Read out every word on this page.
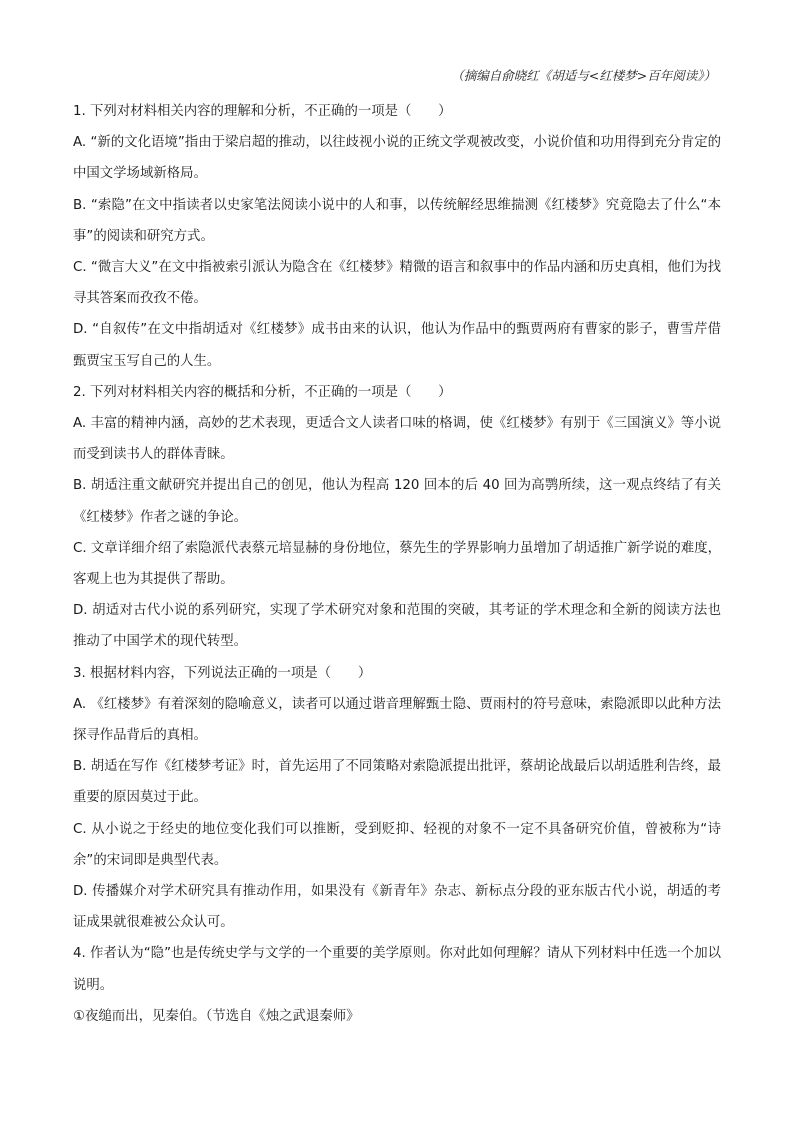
（摘编自俞晓红《胡适与<红楼梦>百年阅读》）

1. 下列对材料相关内容的理解和分析，不正确的一项是（　　）

A. “新的文化语境”指由于梁启超的推动，以往歧视小说的正统文学观被改变，小说价值和功用得到充分肯定的中国文学场域新格局。

B. “索隐”在文中指读者以史家笔法阅读小说中的人和事，以传统解经思维揣测《红楼梦》究竟隐去了什么“本事”的阅读和研究方式。

C. “微言大义”在文中指被索引派认为隐含在《红楼梦》精微的语言和叙事中的作品内涵和历史真相，他们为找寻其答案而孜孜不倦。

D. “自叙传”在文中指胡适对《红楼梦》成书由来的认识，他认为作品中的甄贾两府有曹家的影子，曹雪芹借甄贾宝玉写自己的人生。

2. 下列对材料相关内容的概括和分析，不正确的一项是（　　）

A. 丰富的精神内涵，高妙的艺术表现，更适合文人读者口味的格调，使《红楼梦》有别于《三国演义》等小说而受到读书人的群体青睐。

B. 胡适注重文献研究并提出自己的创见，他认为程高 120 回本的后 40 回为高鹗所续，这一观点终结了有关《红楼梦》作者之谜的争论。

C. 文章详细介绍了索隐派代表蔡元培显赫的身份地位，蔡先生的学界影响力虽增加了胡适推广新学说的难度，客观上也为其提供了帮助。

D. 胡适对古代小说的系列研究，实现了学术研究对象和范围的突破，其考证的学术理念和全新的阅读方法也推动了中国学术的现代转型。

3. 根据材料内容，下列说法正确的一项是（　　）

A. 《红楼梦》有着深刻的隐喻意义，读者可以通过谐音理解甄士隐、贾雨村的符号意味，索隐派即以此种方法探寻作品背后的真相。

B. 胡适在写作《红楼梦考证》时，首先运用了不同策略对索隐派提出批评，蔡胡论战最后以胡适胜利告终，最重要的原因莫过于此。

C. 从小说之于经史的地位变化我们可以推断，受到贬抑、轻视的对象不一定不具备研究价值，曾被称为“诗余”的宋词即是典型代表。

D. 传播媒介对学术研究具有推动作用，如果没有《新青年》杂志、新标点分段的亚东版古代小说，胡适的考证成果就很难被公众认可。

4. 作者认为“隐”也是传统史学与文学的一个重要的美学原则。你对此如何理解？请从下列材料中任选一个加以说明。

①夜缒而出，见秦伯。（节选自《烛之武退秦师》
